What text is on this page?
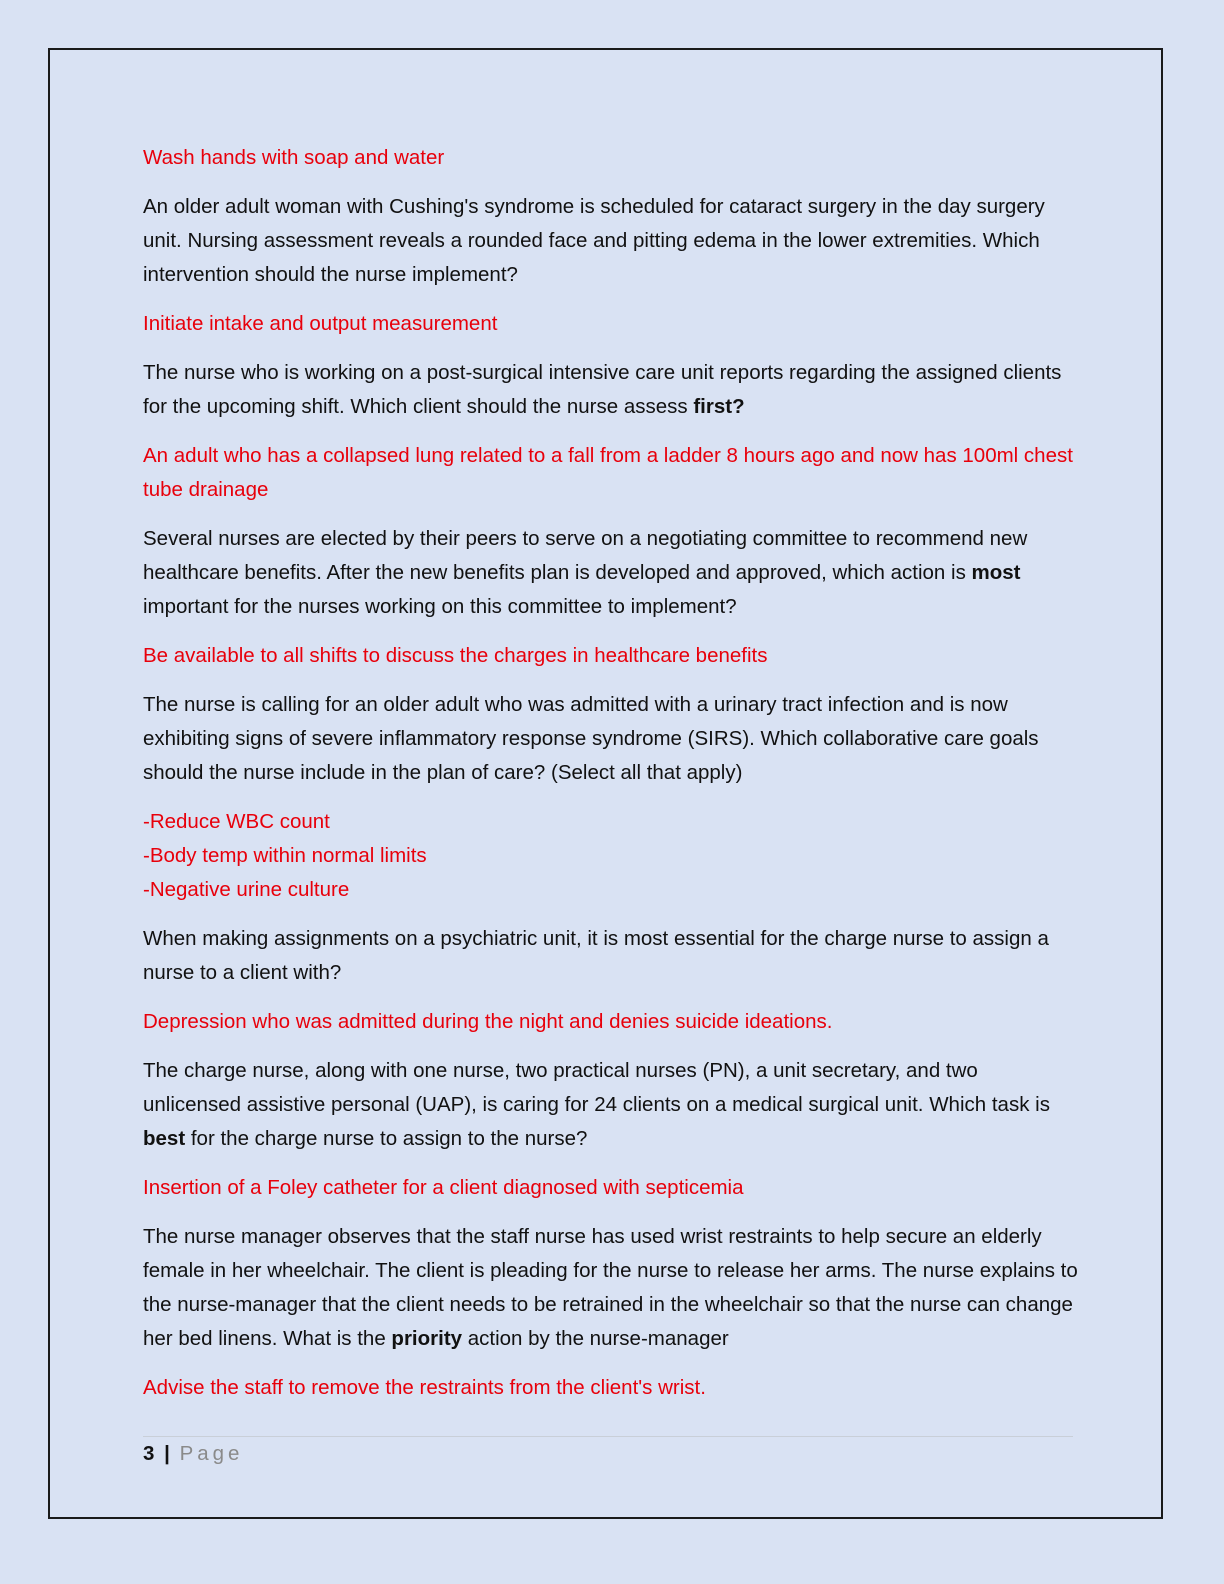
Wash hands with soap and water

An older adult woman with Cushing's syndrome is scheduled for cataract surgery in the day surgery unit. Nursing assessment reveals a rounded face and pitting edema in the lower extremities. Which intervention should the nurse implement?

Initiate intake and output measurement

The nurse who is working on a post-surgical intensive care unit reports regarding the assigned clients for the upcoming shift. Which client should the nurse assess first?

An adult who has a collapsed lung related to a fall from a ladder 8 hours ago and now has 100ml chest tube drainage

Several nurses are elected by their peers to serve on a negotiating committee to recommend new healthcare benefits. After the new benefits plan is developed and approved, which action is most important for the nurses working on this committee to implement?

Be available to all shifts to discuss the charges in healthcare benefits

The nurse is calling for an older adult who was admitted with a urinary tract infection and is now exhibiting signs of severe inflammatory response syndrome (SIRS). Which collaborative care goals should the nurse include in the plan of care? (Select all that apply)

-Reduce WBC count
-Body temp within normal limits
-Negative urine culture

When making assignments on a psychiatric unit, it is most essential for the charge nurse to assign a nurse to a client with?

Depression who was admitted during the night and denies suicide ideations.

The charge nurse, along with one nurse, two practical nurses (PN), a unit secretary, and two unlicensed assistive personal (UAP), is caring for 24 clients on a medical surgical unit. Which task is best for the charge nurse to assign to the nurse?

Insertion of a Foley catheter for a client diagnosed with septicemia

The nurse manager observes that the staff nurse has used wrist restraints to help secure an elderly female in her wheelchair. The client is pleading for the nurse to release her arms. The nurse explains to the nurse-manager that the client needs to be retrained in the wheelchair so that the nurse can change her bed linens. What is the priority action by the nurse-manager

Advise the staff to remove the restraints from the client's wrist.

3 | Page
